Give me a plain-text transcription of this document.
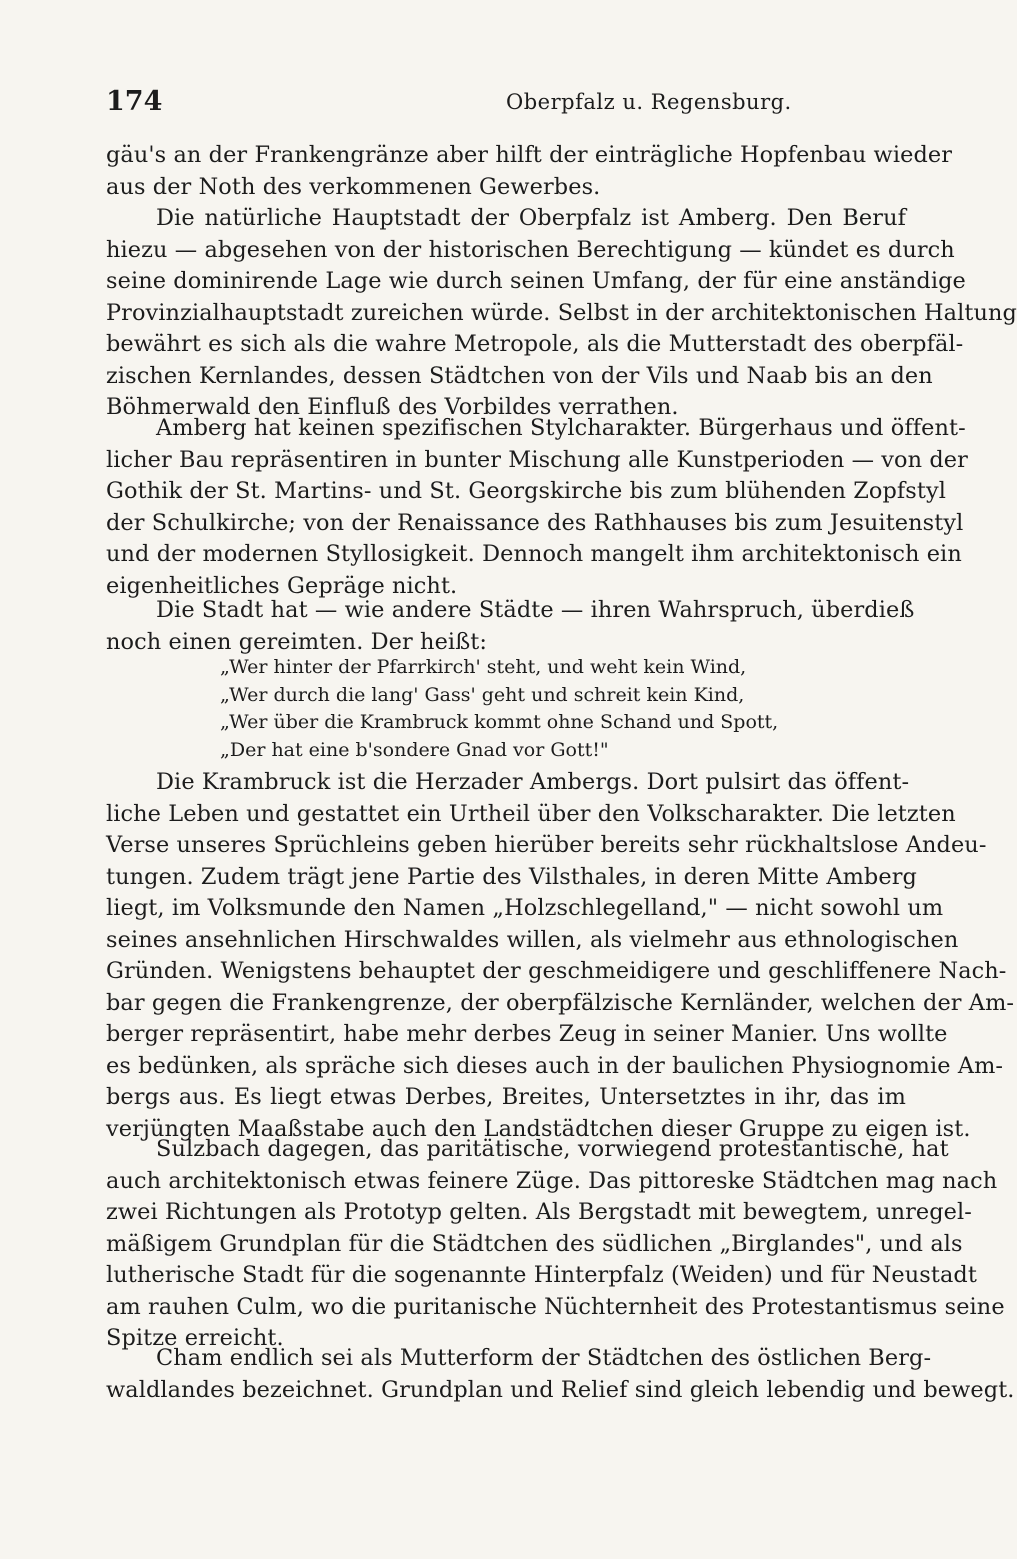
174	Oberpfalz u. Regensburg.
gäu's an der Frankengränze aber hilft der einträgliche Hopfenbau wieder
aus der Noth des verkommenen Gewerbes.
Die natürliche Hauptstadt der Oberpfalz ist Amberg. Den Beruf
hiezu — abgesehen von der historischen Berechtigung — kündet es durch
seine dominirende Lage wie durch seinen Umfang, der für eine anständige
Provinzialhauptstadt zureichen würde. Selbst in der architektonischen Haltung
bewährt es sich als die wahre Metropole, als die Mutterstadt des oberpfäl-
zischen Kernlandes, dessen Städtchen von der Vils und Naab bis an den
Böhmerwald den Einfluß des Vorbildes verrathen.
Amberg hat keinen spezifischen Stylcharakter. Bürgerhaus und öffent-
licher Bau repräsentiren in bunter Mischung alle Kunstperioden — von der
Gothik der St. Martins- und St. Georgskirche bis zum blühenden Zopfstyl
der Schulkirche; von der Renaissance des Rathhauses bis zum Jesuitenstyl
und der modernen Styllosigkeit. Dennoch mangelt ihm architektonisch ein
eigenheitliches Gepräge nicht.
Die Stadt hat — wie andere Städte — ihren Wahrspruch, überdieß
noch einen gereimten. Der heißt:
„Wer hinter der Pfarrkirch' steht, und weht kein Wind,
„Wer durch die lang' Gass' geht und schreit kein Kind,
„Wer über die Krambruck kommt ohne Schand und Spott,
„Der hat eine b'sondere Gnad vor Gott!"
Die Krambruck ist die Herzader Ambergs. Dort pulsirt das öffent-
liche Leben und gestattet ein Urtheil über den Volkscharakter. Die letzten
Verse unseres Sprüchleins geben hierüber bereits sehr rückhaltslose Andeu-
tungen. Zudem trägt jene Partie des Vilsthales, in deren Mitte Amberg
liegt, im Volksmunde den Namen „Holzschlegelland," — nicht sowohl um
seines ansehnlichen Hirschwaldes willen, als vielmehr aus ethnologischen
Gründen. Wenigstens behauptet der geschmeidigere und geschliffenere Nach-
bar gegen die Frankengrenze, der oberpfälzische Kernländer, welchen der Am-
berger repräsentirt, habe mehr derbes Zeug in seiner Manier. Uns wollte
es bedünken, als spräche sich dieses auch in der baulichen Physiognomie Am-
bergs aus. Es liegt etwas Derbes, Breites, Untersetztes in ihr, das im
verjüngten Maaßstabe auch den Landstädtchen dieser Gruppe zu eigen ist.
Sulzbach dagegen, das paritätische, vorwiegend protestantische, hat
auch architektonisch etwas feinere Züge. Das pittoreske Städtchen mag nach
zwei Richtungen als Prototyp gelten. Als Bergstadt mit bewegtem, unregel-
mäßigem Grundplan für die Städtchen des südlichen „Birglandes", und als
lutherische Stadt für die sogenannte Hinterpfalz (Weiden) und für Neustadt
am rauhen Culm, wo die puritanische Nüchternheit des Protestantismus seine
Spitze erreicht.
Cham endlich sei als Mutterform der Städtchen des östlichen Berg-
waldlandes bezeichnet. Grundplan und Relief sind gleich lebendig und bewegt.
